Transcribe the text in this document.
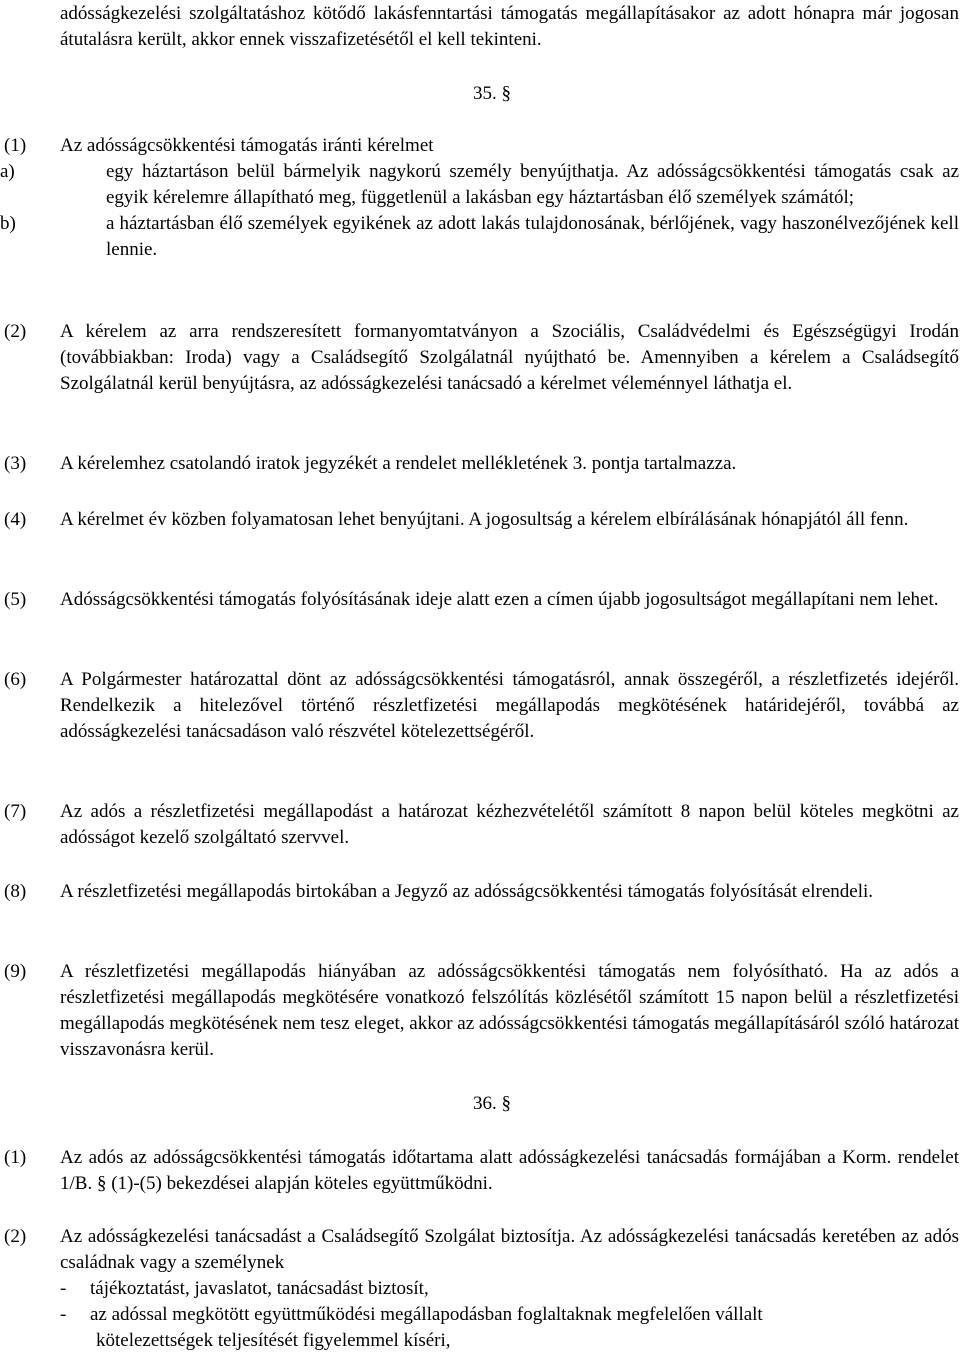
adósságkezelési szolgáltatáshoz kötődő lakásfenntartási támogatás megállapításakor az adott hónapra már jogosan átutalásra került, akkor ennek visszafizetésétől el kell tekinteni.
35. §
(1) Az adósságcsökkentési támogatás iránti kérelmet
a)	egy háztartáson belül bármelyik nagykorú személy benyújthatja. Az adósságcsökkentési támogatás csak az egyik kérelemre állapítható meg, függetlenül a lakásban egy háztartásban élő személyek számától;
b)	a háztartásban élő személyek egyikének az adott lakás tulajdonosának, bérlőjének, vagy haszonélvezőjének kell lennie.
(2) A kérelem az arra rendszeresített formanyomtatványon a Szociális, Családvédelmi és Egészségügyi Irodán (továbbiakban: Iroda) vagy a Családsegítő Szolgálatnál nyújtható be. Amennyiben a kérelem a Családsegítő Szolgálatnál kerül benyújtásra, az adósságkezelési tanácsadó a kérelmet véleménnyel láthatja el.
(3) A kérelemhez csatolandó iratok jegyzékét a rendelet mellékletének 3. pontja tartalmazza.
(4) A kérelmet év közben folyamatosan lehet benyújtani. A jogosultság a kérelem elbírálásának hónapjától áll fenn.
(5) Adósságcsökkentési támogatás folyósításának ideje alatt ezen a címen újabb jogosultságot megállapítani nem lehet.
(6) A Polgármester határozattal dönt az adósságcsökkentési támogatásról, annak összegéről, a részletfizetés idejéről. Rendelkezik a hitelezővel történő részletfizetési megállapodás megkötésének határidejéről, továbbá az adósságkezelési tanácsadáson való részvétel kötelezettségéről.
(7) Az adós a részletfizetési megállapodást a határozat kézhezvételétől számított 8 napon belül köteles megkötni az adósságot kezelő szolgáltató szervvel.
(8) A részletfizetési megállapodás birtokában a Jegyző az adósságcsökkentési támogatás folyósítását elrendeli.
(9) A részletfizetési megállapodás hiányában az adósságcsökkentési támogatás nem folyósítható. Ha az adós a részletfizetési megállapodás megkötésére vonatkozó felszólítás közlésétől számított 15 napon belül a részletfizetési megállapodás megkötésének nem tesz eleget, akkor az adósságcsökkentési támogatás megállapításáról szóló határozat visszavonásra kerül.
36. §
(1) Az adós az adósságcsökkentési támogatás időtartama alatt adósságkezelési tanácsadás formájában a Korm. rendelet 1/B. § (1)-(5) bekezdései alapján köteles együttműködni.
(2) Az adósságkezelési tanácsadást a Családsegítő Szolgálat biztosítja. Az adósságkezelési tanácsadás keretében az adós családnak vagy a személynek
- tájékoztatást, javaslatot, tanácsadást biztosít,
- az adóssal megkötött együttműködési megállapodásban foglaltaknak megfelelően vállalt
kötelezettségek teljesítését figyelemmel kíséri,
